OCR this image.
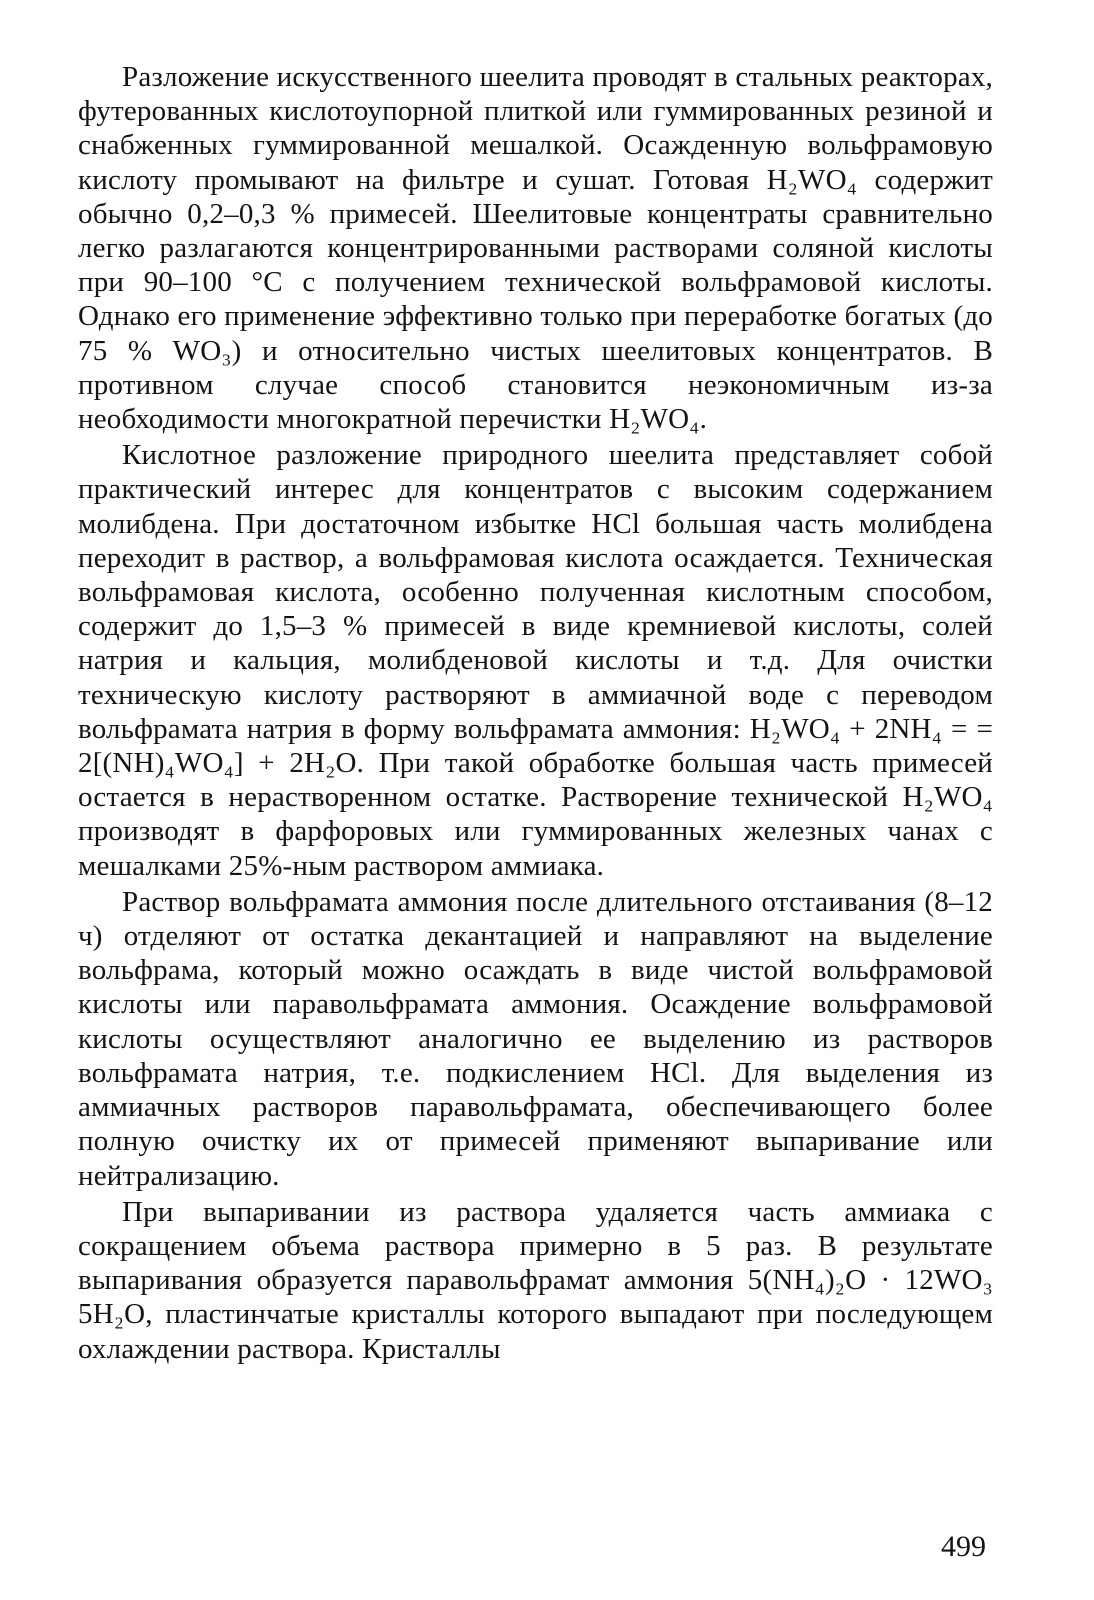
Разложение искусственного шеелита проводят в стальных реакторах, футерованных кислотоупорной плиткой или гуммированных резиной и снабженных гуммированной мешалкой. Осажденную вольфрамовую кислоту промывают на фильтре и сушат. Готовая H₂WO₄ содержит обычно 0,2–0,3 % примесей. Шеелитовые концентраты сравнительно легко разлагаются концентрированными растворами соляной кислоты при 90–100 °C с получением технической вольфрамовой кислоты. Однако его применение эффективно только при переработке богатых (до 75 % WO₃) и относительно чистых шеелитовых концентратов. В противном случае способ становится неэкономичным из-за необходимости многократной перечистки H₂WO₄.

Кислотное разложение природного шеелита представляет собой практический интерес для концентратов с высоким содержанием молибдена. При достаточном избытке HCl большая часть молибдена переходит в раствор, а вольфрамовая кислота осаждается. Техническая вольфрамовая кислота, особенно полученная кислотным способом, содержит до 1,5–3 % примесей в виде кремниевой кислоты, солей натрия и кальция, молибденовой кислоты и т.д. Для очистки техническую кислоту растворяют в аммиачной воде с переводом вольфрамата натрия в форму вольфрамата аммония: H₂WO₄ + 2NH₄ = = 2[(NH)₄WO₄] + 2H₂O. При такой обработке большая часть примесей остается в нерастворенном остатке. Растворение технической H₂WO₄ производят в фарфоровых или гуммированных железных чанах с мешалками 25%-ным раствором аммиака.

Раствор вольфрамата аммония после длительного отстаивания (8–12 ч) отделяют от остатка декантацией и направляют на выделение вольфрама, который можно осаждать в виде чистой вольфрамовой кислоты или паравольфрамата аммония. Осаждение вольфрамовой кислоты осуществляют аналогично ее выделению из растворов вольфрамата натрия, т.е. подкислением HCl. Для выделения из аммиачных растворов паравольфрамата, обеспечивающего более полную очистку их от примесей применяют выпаривание или нейтрализацию.

При выпаривании из раствора удаляется часть аммиака с сокращением объема раствора примерно в 5 раз. В результате выпаривания образуется паравольфрамат аммония 5(NH₄)₂O · 12WO₃ 5H₂O, пластинчатые кристаллы которого выпадают при последующем охлаждении раствора. Кристаллы

499
